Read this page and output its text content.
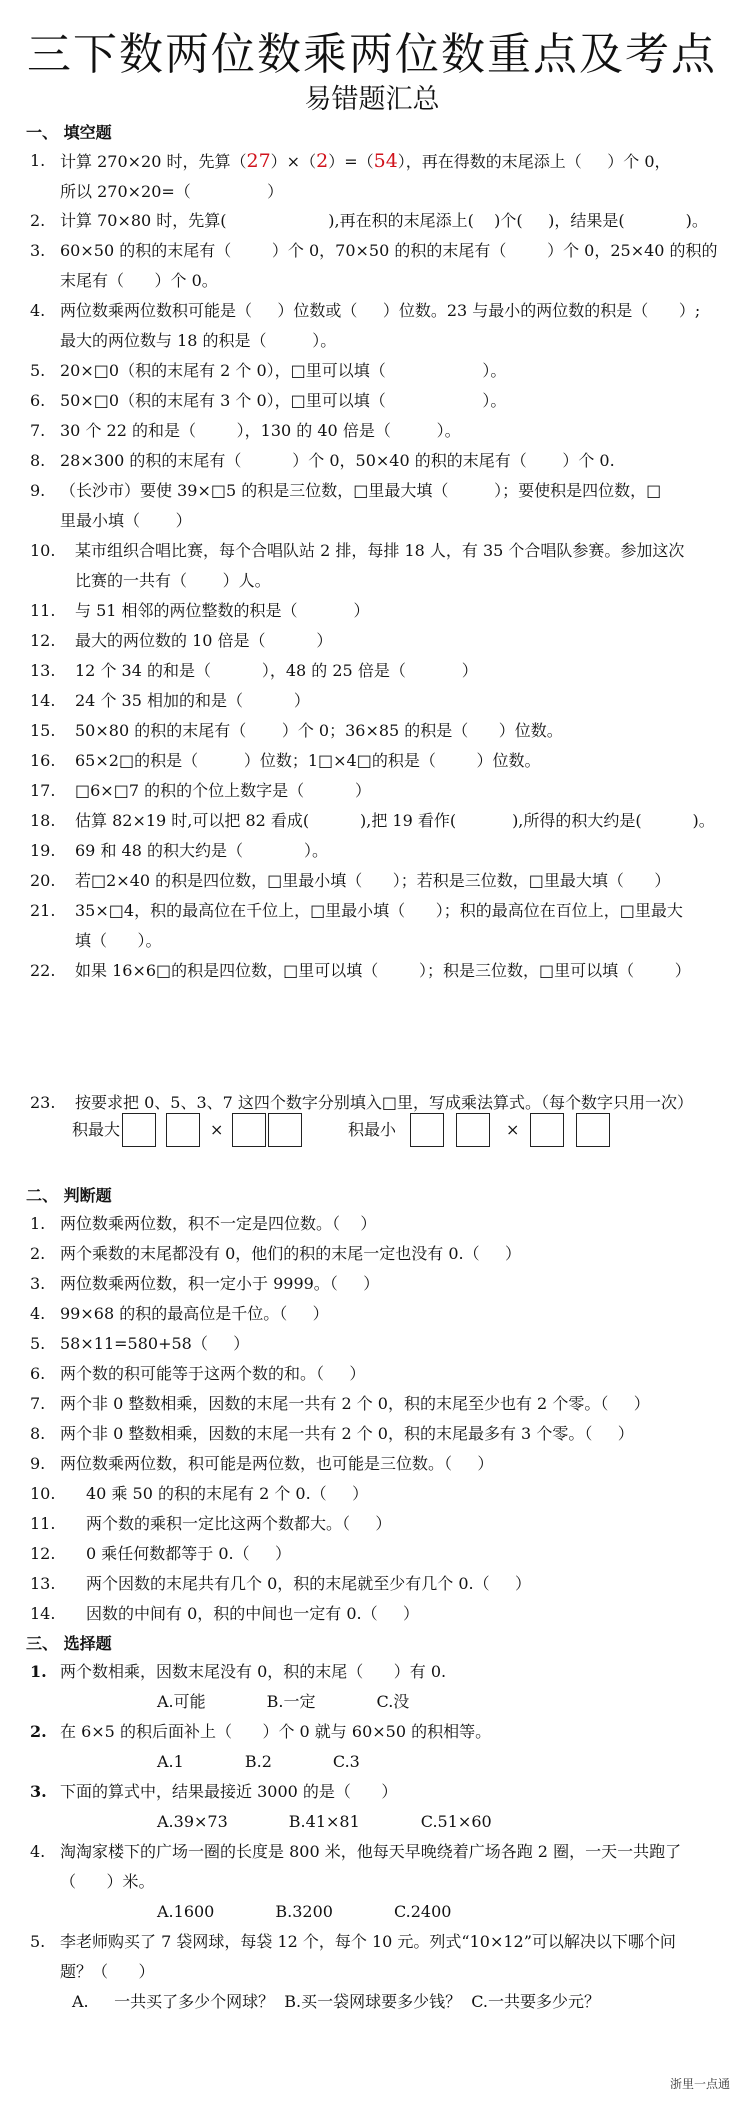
三下数两位数乘两位数重点及考点
易错题汇总
一、 填空题
1. 计算 270×20 时，先算（27）×（2）=（54），再在得数的末尾添上（     ）个 0，
所以 270×20=（               ）
2. 计算 70×80 时，先算(                    ),再在积的末尾添上(    )个(     )，结果是(            )。
3. 60×50 的积的末尾有（        ）个 0，70×50 的积的末尾有（        ）个 0，25×40 的积的
末尾有（      ）个 0。
4. 两位数乘两位数积可能是（     ）位数或（     ）位数。23 与最小的两位数的积是（      ）;
最大的两位数与 18 的积是（         ）。
5. 20×□0（积的末尾有 2 个 0），□里可以填（                   ）。
6. 50×□0（积的末尾有 3 个 0），□里可以填（                   ）。
7. 30 个 22 的和是（        ），130 的 40 倍是（         ）。
8. 28×300 的积的末尾有（          ）个 0，50×40 的积的末尾有（       ）个 0.
9. （长沙市）要使 39×□5 的积是三位数，□里最大填（         ）；要使积是四位数，□
里最小填（       ）
10. 某市组织合唱比赛，每个合唱队站 2 排，每排 18 人，有 35 个合唱队参赛。参加这次
比赛的一共有（       ）人。
11. 与 51 相邻的两位整数的积是（           ）
12. 最大的两位数的 10 倍是（          ）
13. 12 个 34 的和是（          ），48 的 25 倍是（           ）
14. 24 个 35 相加的和是（          ）
15. 50×80 的积的末尾有（       ）个 0；36×85 的积是（      ）位数。
16. 65×2□的积是（         ）位数；1□×4□的积是（        ）位数。
17. □6×□7 的积的个位上数字是（          ）
18. 估算 82×19 时,可以把 82 看成(          ),把 19 看作(           ),所得的积大约是(          )。
19. 69 和 48 的积大约是（            ）。
20. 若□2×40 的积是四位数，□里最小填（      ）；若积是三位数，□里最大填（      ）
21. 35×□4，积的最高位在千位上，□里最小填（      ）；积的最高位在百位上，□里最大
填（      ）。
22. 如果 16×6□的积是四位数，□里可以填（        ）；积是三位数，□里可以填（        ）
23. 按要求把 0、5、3、7 这四个数字分别填入□里，写成乘法算式。（每个数字只用一次）
积最大	×	积最小	×
二、 判断题
1. 两位数乘两位数，积不一定是四位数。（    ）
2. 两个乘数的末尾都没有 0，他们的积的末尾一定也没有 0.（     ）
3. 两位数乘两位数，积一定小于 9999。（     ）
4. 99×68 的积的最高位是千位。（     ）
5. 58×11=580+58（     ）
6. 两个数的积可能等于这两个数的和。（     ）
7. 两个非 0 整数相乘，因数的末尾一共有 2 个 0，积的末尾至少也有 2 个零。（     ）
8. 两个非 0 整数相乘，因数的末尾一共有 2 个 0，积的末尾最多有 3 个零。（     ）
9. 两位数乘两位数，积可能是两位数，也可能是三位数。（     ）
10. 40 乘 50 的积的末尾有 2 个 0.（     ）
11. 两个数的乘积一定比这两个数都大。（     ）
12. 0 乘任何数都等于 0.（     ）
13. 两个因数的末尾共有几个 0，积的末尾就至少有几个 0.（     ）
14. 因数的中间有 0，积的中间也一定有 0.（     ）
三、 选择题
1. 两个数相乘，因数末尾没有 0，积的末尾（      ）有 0.
A.可能            B.一定            C.没
2. 在 6×5 的积后面补上（      ）个 0 就与 60×50 的积相等。
A.1            B.2            C.3
3. 下面的算式中，结果最接近 3000 的是（      ）
A.39×73            B.41×81            C.51×60
4. 淘淘家楼下的广场一圈的长度是 800 米，他每天早晚绕着广场各跑 2 圈，一天一共跑了
（      ）米。
A.1600            B.3200            C.2400
5. 李老师购买了 7 袋网球，每袋 12 个，每个 10 元。列式“10×12”可以解决以下哪个问
题？（      ）
A.     一共买了多少个网球？  B.买一袋网球要多少钱？  C.一共要多少元？
浙里一点通
